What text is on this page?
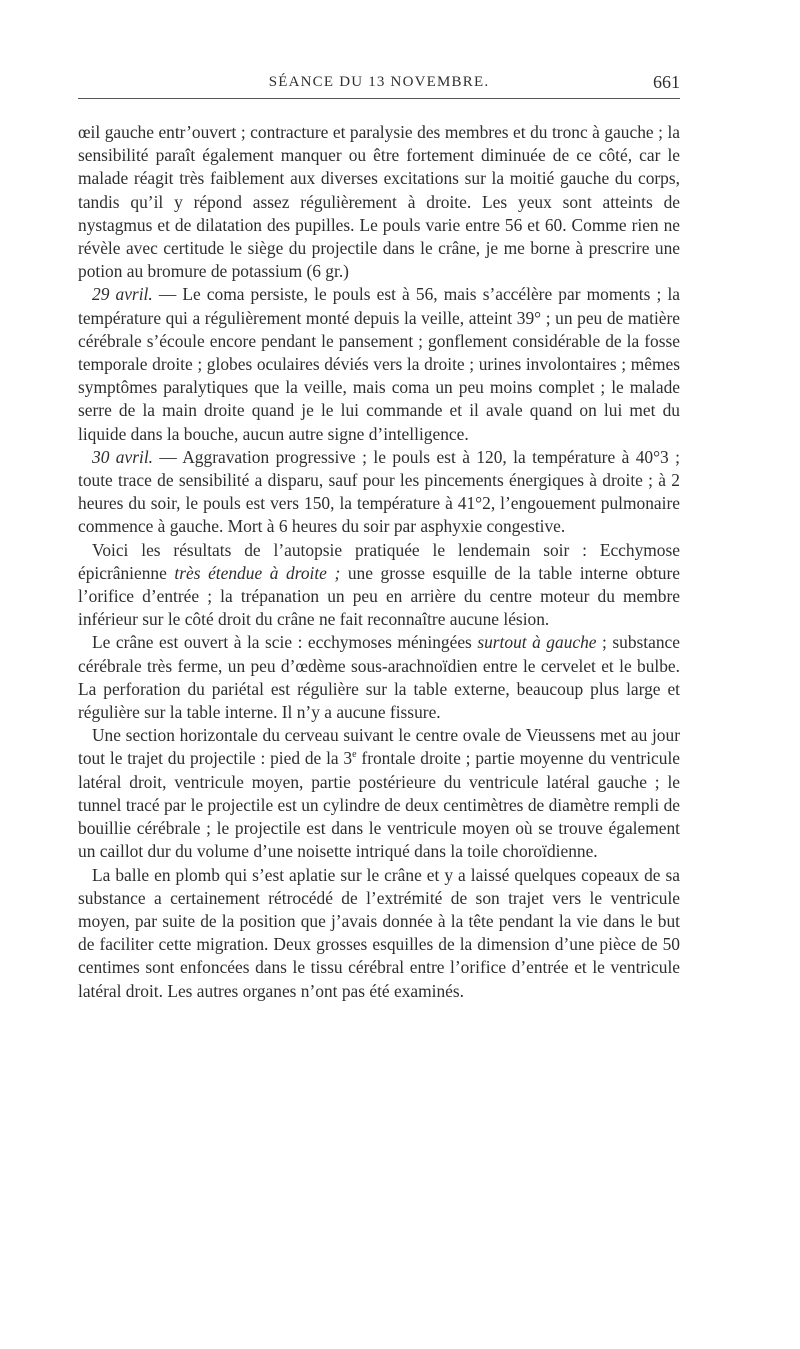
SÉANCE DU 13 NOVEMBRE.	661

œil gauche entr’ouvert ; contracture et paralysie des membres et du tronc à gauche ; la sensibilité paraît également manquer ou être fortement diminuée de ce côté, car le malade réagit très faiblement aux diverses excitations sur la moitié gauche du corps, tandis qu’il y répond assez régulièrement à droite. Les yeux sont atteints de nystagmus et de dilatation des pupilles. Le pouls varie entre 56 et 60. Comme rien ne révèle avec certitude le siège du projectile dans le crâne, je me borne à prescrire une potion au bromure de potassium (6 gr.)

29 avril. — Le coma persiste, le pouls est à 56, mais s’accélère par moments ; la température qui a régulièrement monté depuis la veille, atteint 39° ; un peu de matière cérébrale s’écoule encore pendant le pansement ; gonflement considérable de la fosse temporale droite ; globes oculaires déviés vers la droite ; urines involontaires ; mêmes symptômes paralytiques que la veille, mais coma un peu moins complet ; le malade serre de la main droite quand je le lui commande et il avale quand on lui met du liquide dans la bouche, aucun autre signe d’intelligence.

30 avril. — Aggravation progressive ; le pouls est à 120, la température à 40°3 ; toute trace de sensibilité a disparu, sauf pour les pincements énergiques à droite ; à 2 heures du soir, le pouls est vers 150, la température à 41°2, l’engouement pulmonaire commence à gauche. Mort à 6 heures du soir par asphyxie congestive.

Voici les résultats de l’autopsie pratiquée le lendemain soir : Ecchymose épicrânienne très étendue à droite ; une grosse esquille de la table interne obture l’orifice d’entrée ; la trépanation un peu en arrière du centre moteur du membre inférieur sur le côté droit du crâne ne fait reconnaître aucune lésion.

Le crâne est ouvert à la scie : ecchymoses méningées surtout à gauche ; substance cérébrale très ferme, un peu d’œdème sous-arachnoïdien entre le cervelet et le bulbe. La perforation du pariétal est régulière sur la table externe, beaucoup plus large et régulière sur la table interne. Il n’y a aucune fissure.

Une section horizontale du cerveau suivant le centre ovale de Vieussens met au jour tout le trajet du projectile : pied de la 3e frontale droite ; partie moyenne du ventricule latéral droit, ventricule moyen, partie postérieure du ventricule latéral gauche ; le tunnel tracé par le projectile est un cylindre de deux centimètres de diamètre rempli de bouillie cérébrale ; le projectile est dans le ventricule moyen où se trouve également un caillot dur du volume d’une noisette intriqué dans la toile choroïdienne.

La balle en plomb qui s’est aplatie sur le crâne et y a laissé quelques copeaux de sa substance a certainement rétrocédé de l’extrémité de son trajet vers le ventricule moyen, par suite de la position que j’avais donnée à la tête pendant la vie dans le but de faciliter cette migration. Deux grosses esquilles de la dimension d’une pièce de 50 centimes sont enfoncées dans le tissu cérébral entre l’orifice d’entrée et le ventricule latéral droit. Les autres organes n’ont pas été examinés.
